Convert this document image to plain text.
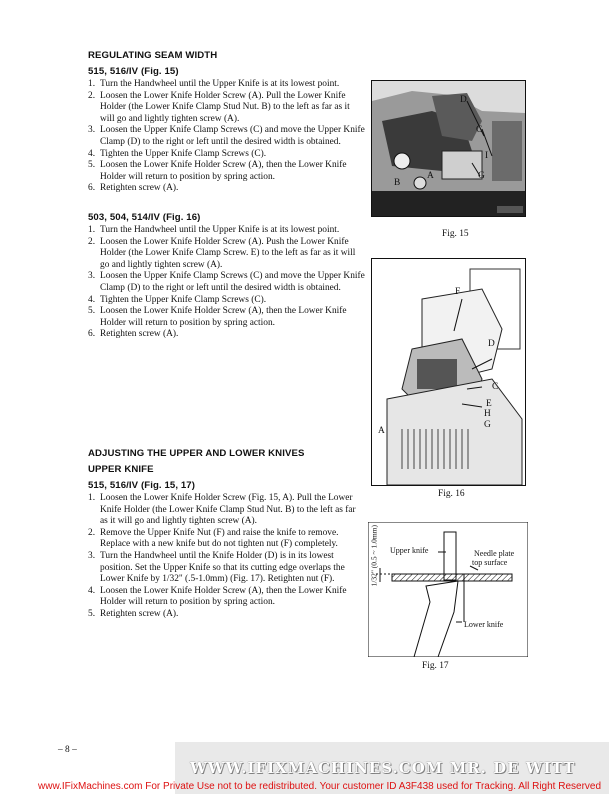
REGULATING SEAM WIDTH
515, 516/IV (Fig. 15)
1. Turn the Handwheel until the Upper Knife is at its lowest point.
2. Loosen the Lower Knife Holder Screw (A). Pull the Lower Knife Holder (the Lower Knife Clamp Stud Nut. B) to the left as far as it will go and lightly tighten screw (A).
3. Loosen the Upper Knife Clamp Screws (C) and move the Upper Knife Clamp (D) to the right or left until the desired width is obtained.
4. Tighten the Upper Knife Clamp Screws (C).
5. Loosen the Lower Knife Holder Screw (A), then the Lower Knife Holder will return to position by spring action.
6. Retighten screw (A).
503, 504, 514/IV (Fig. 16)
1. Turn the Handwheel until the Upper Knife is at its lowest point.
2. Loosen the Lower Knife Holder Screw (A). Push the Lower Knife Holder (the Lower Knife Clamp Screw. E) to the left as far as it will go and lightly tighten screw (A).
3. Loosen the Upper Knife Clamp Screws (C) and move the Upper Knife Clamp (D) to the right or left until the desired width is obtained.
4. Tighten the Upper Knife Clamp Screws (C).
5. Loosen the Lower Knife Holder Screw (A), then the Lower Knife Holder will return to position by spring action.
6. Retighten screw (A).
D
C
I
G
B
A
Fig. 15
F
D
C
E
H
G
A
Fig. 16
ADJUSTING THE UPPER AND LOWER KNIVES
UPPER KNIFE
515, 516/IV (Fig. 15, 17)
1. Loosen the Lower Knife Holder Screw (Fig. 15, A). Pull the Lower Knife Holder (the Lower Knife Clamp Stud Nut. B) to the left as far as it will go and lightly tighten screw (A).
2. Remove the Upper Knife Nut (F) and raise the knife to remove. Replace with a new knife but do not tighten nut (F) completely.
3. Turn the Handwheel until the Knife Holder (D) is in its lowest position. Set the Upper Knife so that its cutting edge overlaps the Lower Knife by 1/32" (.5-1.0mm) (Fig. 17). Retighten nut (F).
4. Loosen the Lower Knife Holder Screw (A), then the Lower Knife Holder will return to position by spring action.
5. Retighten screw (A).
Upper knife	Needle plate
top surface
Lower knife
1/32" (0.5 ~ 1.0mm)
Fig. 17
– 8 –
WWW.IFIXMACHINES.COM MR. DE WITT
www.IFixMachines.com For Private Use not to be redistributed. Your customer ID A3F438 used for Tracking. All Right Reserved
